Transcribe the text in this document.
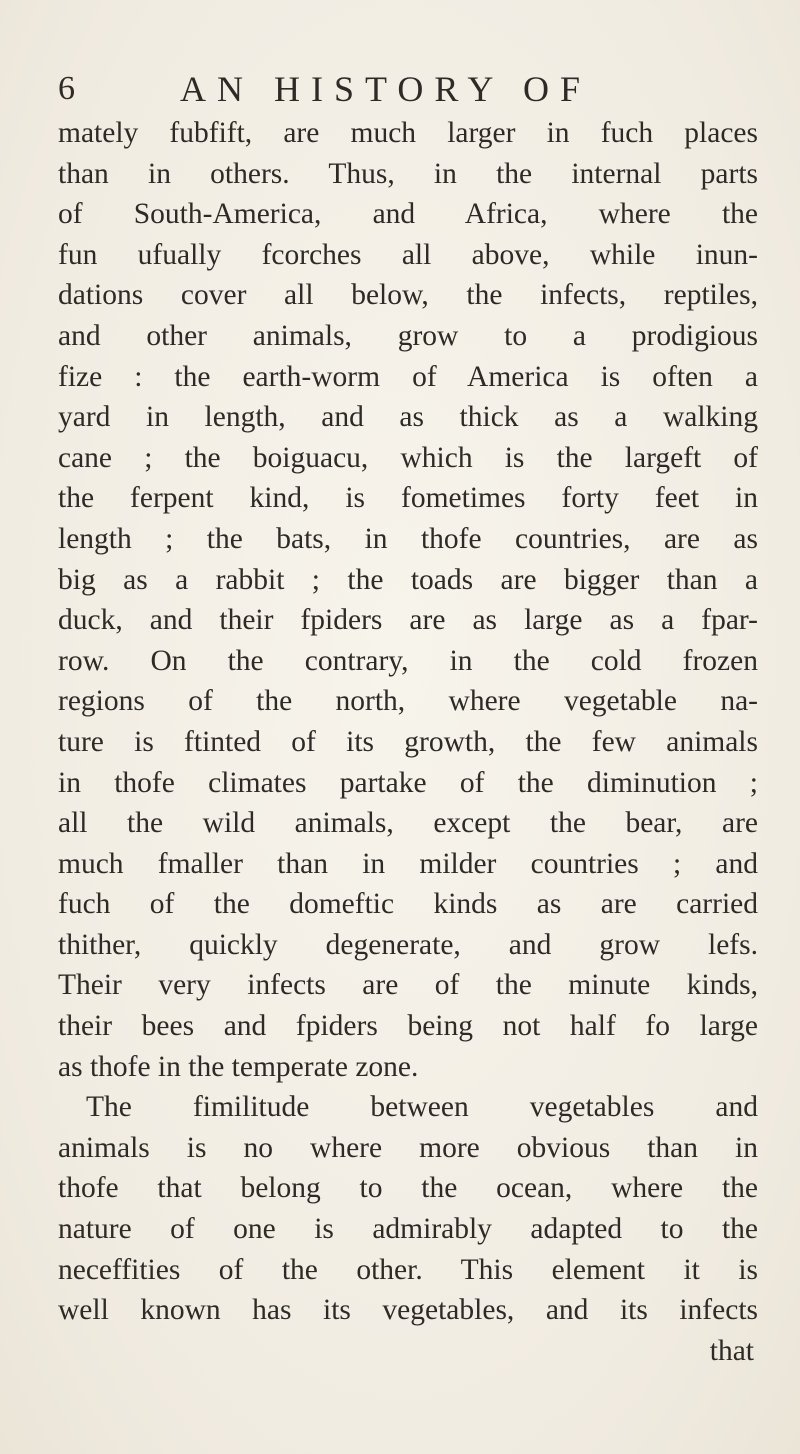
6	AN HISTORY OF
mately fubfift, are much larger in fuch places
than in others. Thus, in the internal parts
of South-America, and Africa, where the
fun ufually fcorches all above, while inun-
dations cover all below, the infects, reptiles,
and other animals, grow to a prodigious
fize : the earth-worm of America is often a
yard in length, and as thick as a walking
cane ; the boiguacu, which is the largeft of
the ferpent kind, is fometimes forty feet in
length ; the bats, in thofe countries, are as
big as a rabbit ; the toads are bigger than a
duck, and their fpiders are as large as a fpar-
row. On the contrary, in the cold frozen
regions of the north, where vegetable na-
ture is ftinted of its growth, the few animals
in thofe climates partake of the diminution ;
all the wild animals, except the bear, are
much fmaller than in milder countries ; and
fuch of the domeftic kinds as are carried
thither, quickly degenerate, and grow lefs.
Their very infects are of the minute kinds,
their bees and fpiders being not half fo large
as thofe in the temperate zone.
The fimilitude between vegetables and
animals is no where more obvious than in
thofe that belong to the ocean, where the
nature of one is admirably adapted to the
neceffities of the other. This element it is
well known has its vegetables, and its infects
that
